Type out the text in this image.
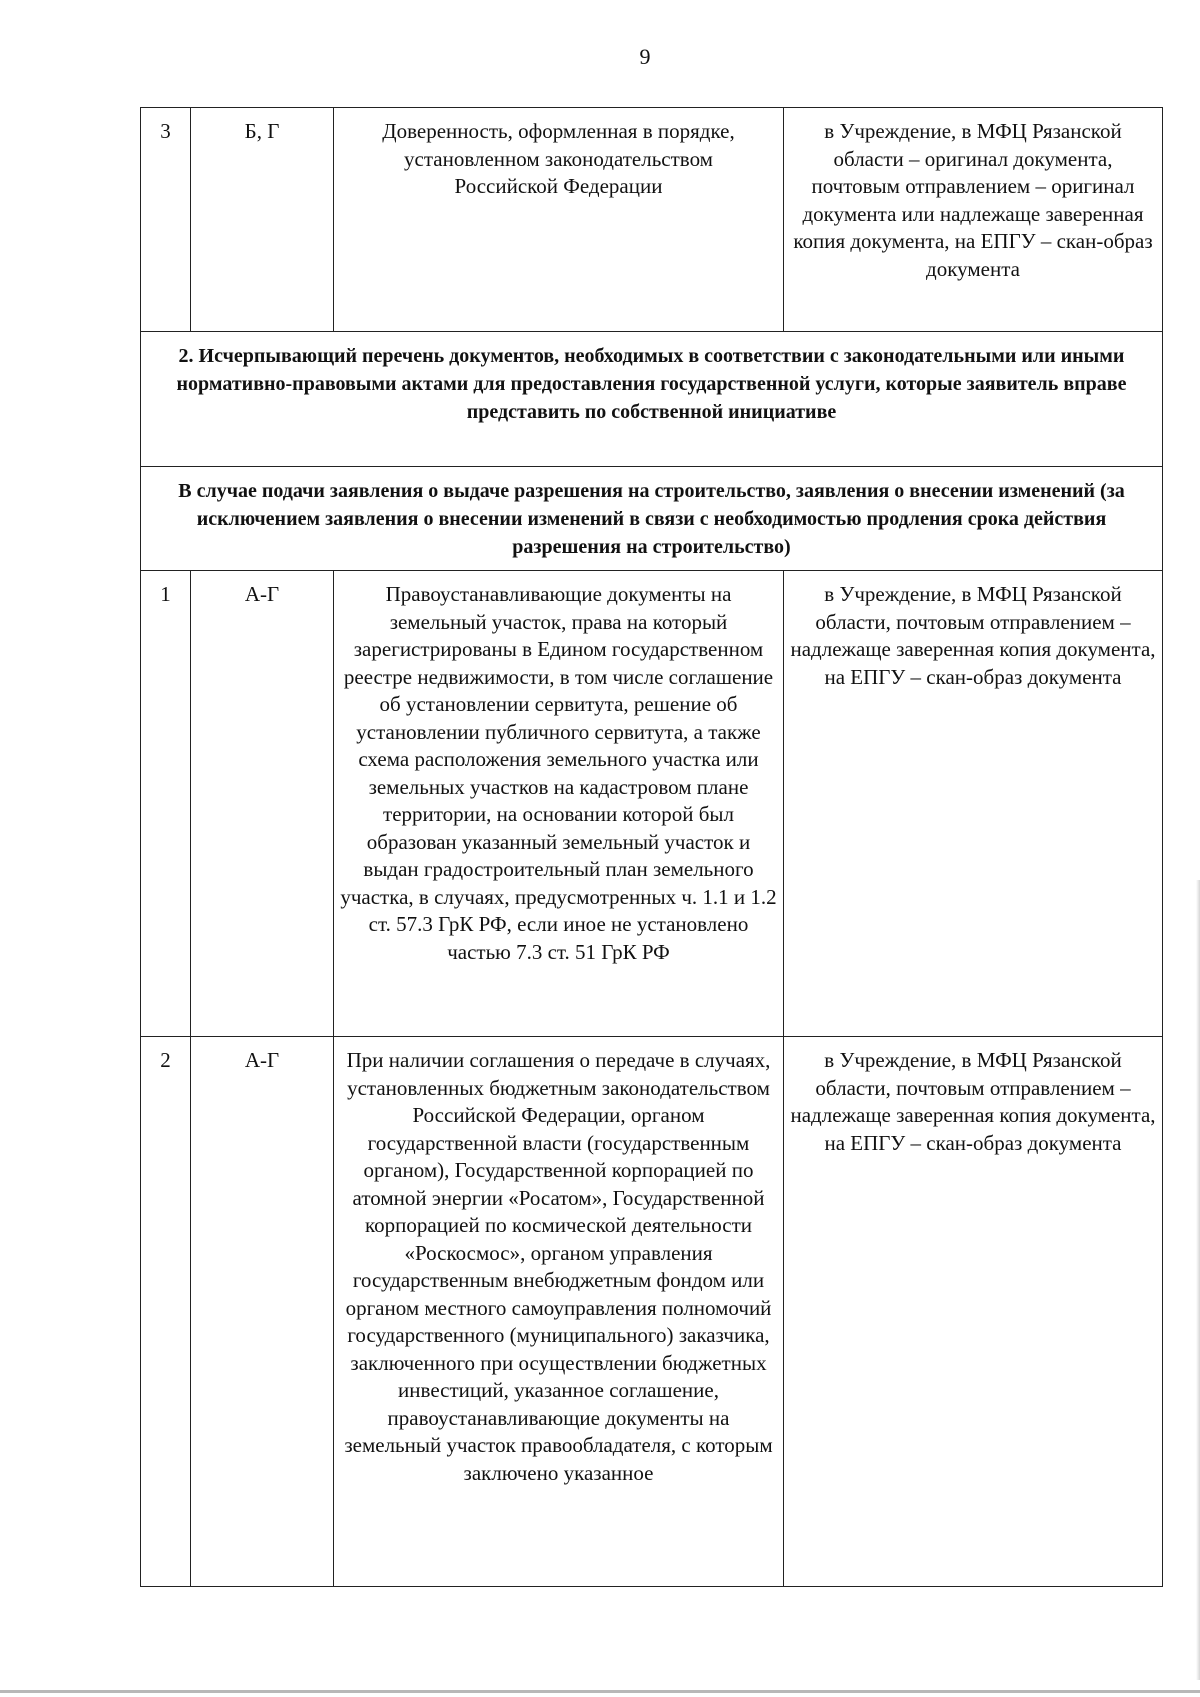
9
3	Б, Г	Доверенность, оформленная в порядке, установленном законодательством Российской Федерации	в Учреждение, в МФЦ Рязанской области – оригинал документа, почтовым отправлением – оригинал документа или надлежаще заверенная копия документа, на ЕПГУ – скан-образ документа
2. Исчерпывающий перечень документов, необходимых в соответствии с законодательными или иными нормативно-правовыми актами для предоставления государственной услуги, которые заявитель вправе представить по собственной инициативе			
В случае подачи заявления о выдаче разрешения на строительство, заявления о внесении изменений (за исключением заявления о внесении изменений в связи с необходимостью продления срока действия разрешения на строительство)			
1	А-Г	Правоустанавливающие документы на земельный участок, права на который зарегистрированы в Едином государственном реестре недвижимости, в том числе соглашение об установлении сервитута, решение об установлении публичного сервитута, а также схема расположения земельного участка или земельных участков на кадастровом плане территории, на основании которой был образован указанный земельный участок и выдан градостроительный план земельного участка, в случаях, предусмотренных ч. 1.1 и 1.2 ст. 57.3 ГрК РФ, если иное не установлено частью 7.3 ст. 51 ГрК РФ	в Учреждение, в МФЦ Рязанской области, почтовым отправлением – надлежаще заверенная копия документа, на ЕПГУ – скан-образ документа
2	А-Г	При наличии соглашения о передаче в случаях, установленных бюджетным законодательством Российской Федерации, органом государственной власти (государственным органом), Государственной корпорацией по атомной энергии «Росатом», Государственной корпорацией по космической деятельности «Роскосмос», органом управления государственным внебюджетным фондом или органом местного самоуправления полномочий государственного (муниципального) заказчика, заключенного при осуществлении бюджетных инвестиций, указанное соглашение, правоустанавливающие документы на земельный участок правообладателя, с которым заключено указанное	в Учреждение, в МФЦ Рязанской области, почтовым отправлением – надлежаще заверенная копия документа, на ЕПГУ – скан-образ документа
